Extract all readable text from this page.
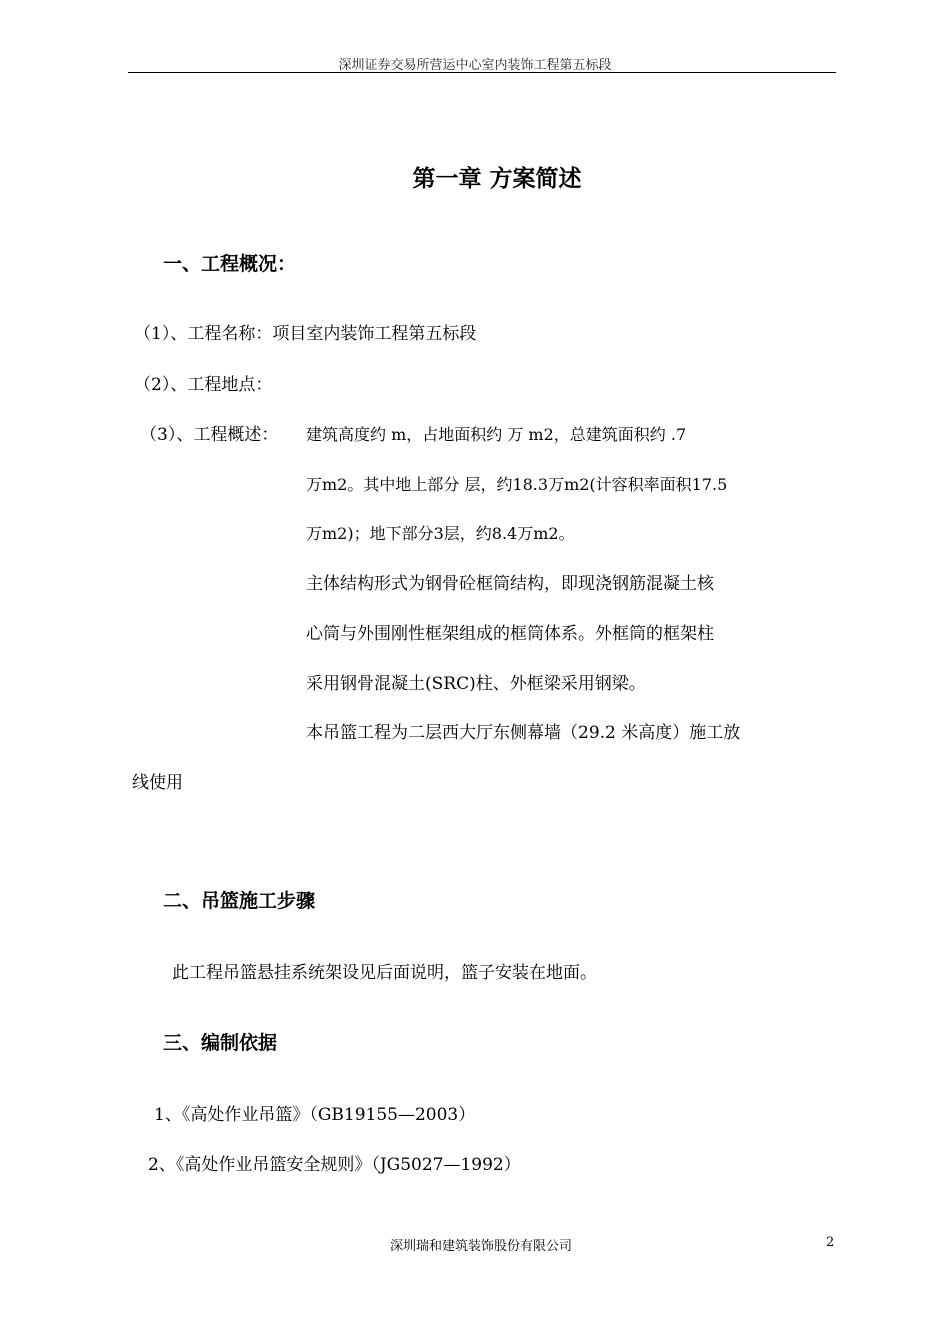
深圳证券交易所营运中心室内装饰工程第五标段
第一章 方案简述
一、工程概况：
（1）、工程名称：项目室内装饰工程第五标段
（2）、工程地点：
（3）、工程概述： 建筑高度约 m，占地面积约 万 m2，总建筑面积约 .7
万m2。其中地上部分 层，约18.3万m2(计容积率面积17.5
万m2)；地下部分3层，约8.4万m2。
主体结构形式为钢骨砼框筒结构，即现浇钢筋混凝土核
心筒与外围刚性框架组成的框筒体系。外框筒的框架柱
采用钢骨混凝土(SRC)柱、外框梁采用钢梁。
本吊篮工程为二层西大厅东侧幕墙（29.2 米高度）施工放
线使用
二、吊篮施工步骤
此工程吊篮悬挂系统架设见后面说明，篮子安装在地面。
三、编制依据
1、《高处作业吊篮》（GB19155—2003）
2、《高处作业吊篮安全规则》（JG5027—1992）
深圳瑞和建筑装饰股份有限公司	2
